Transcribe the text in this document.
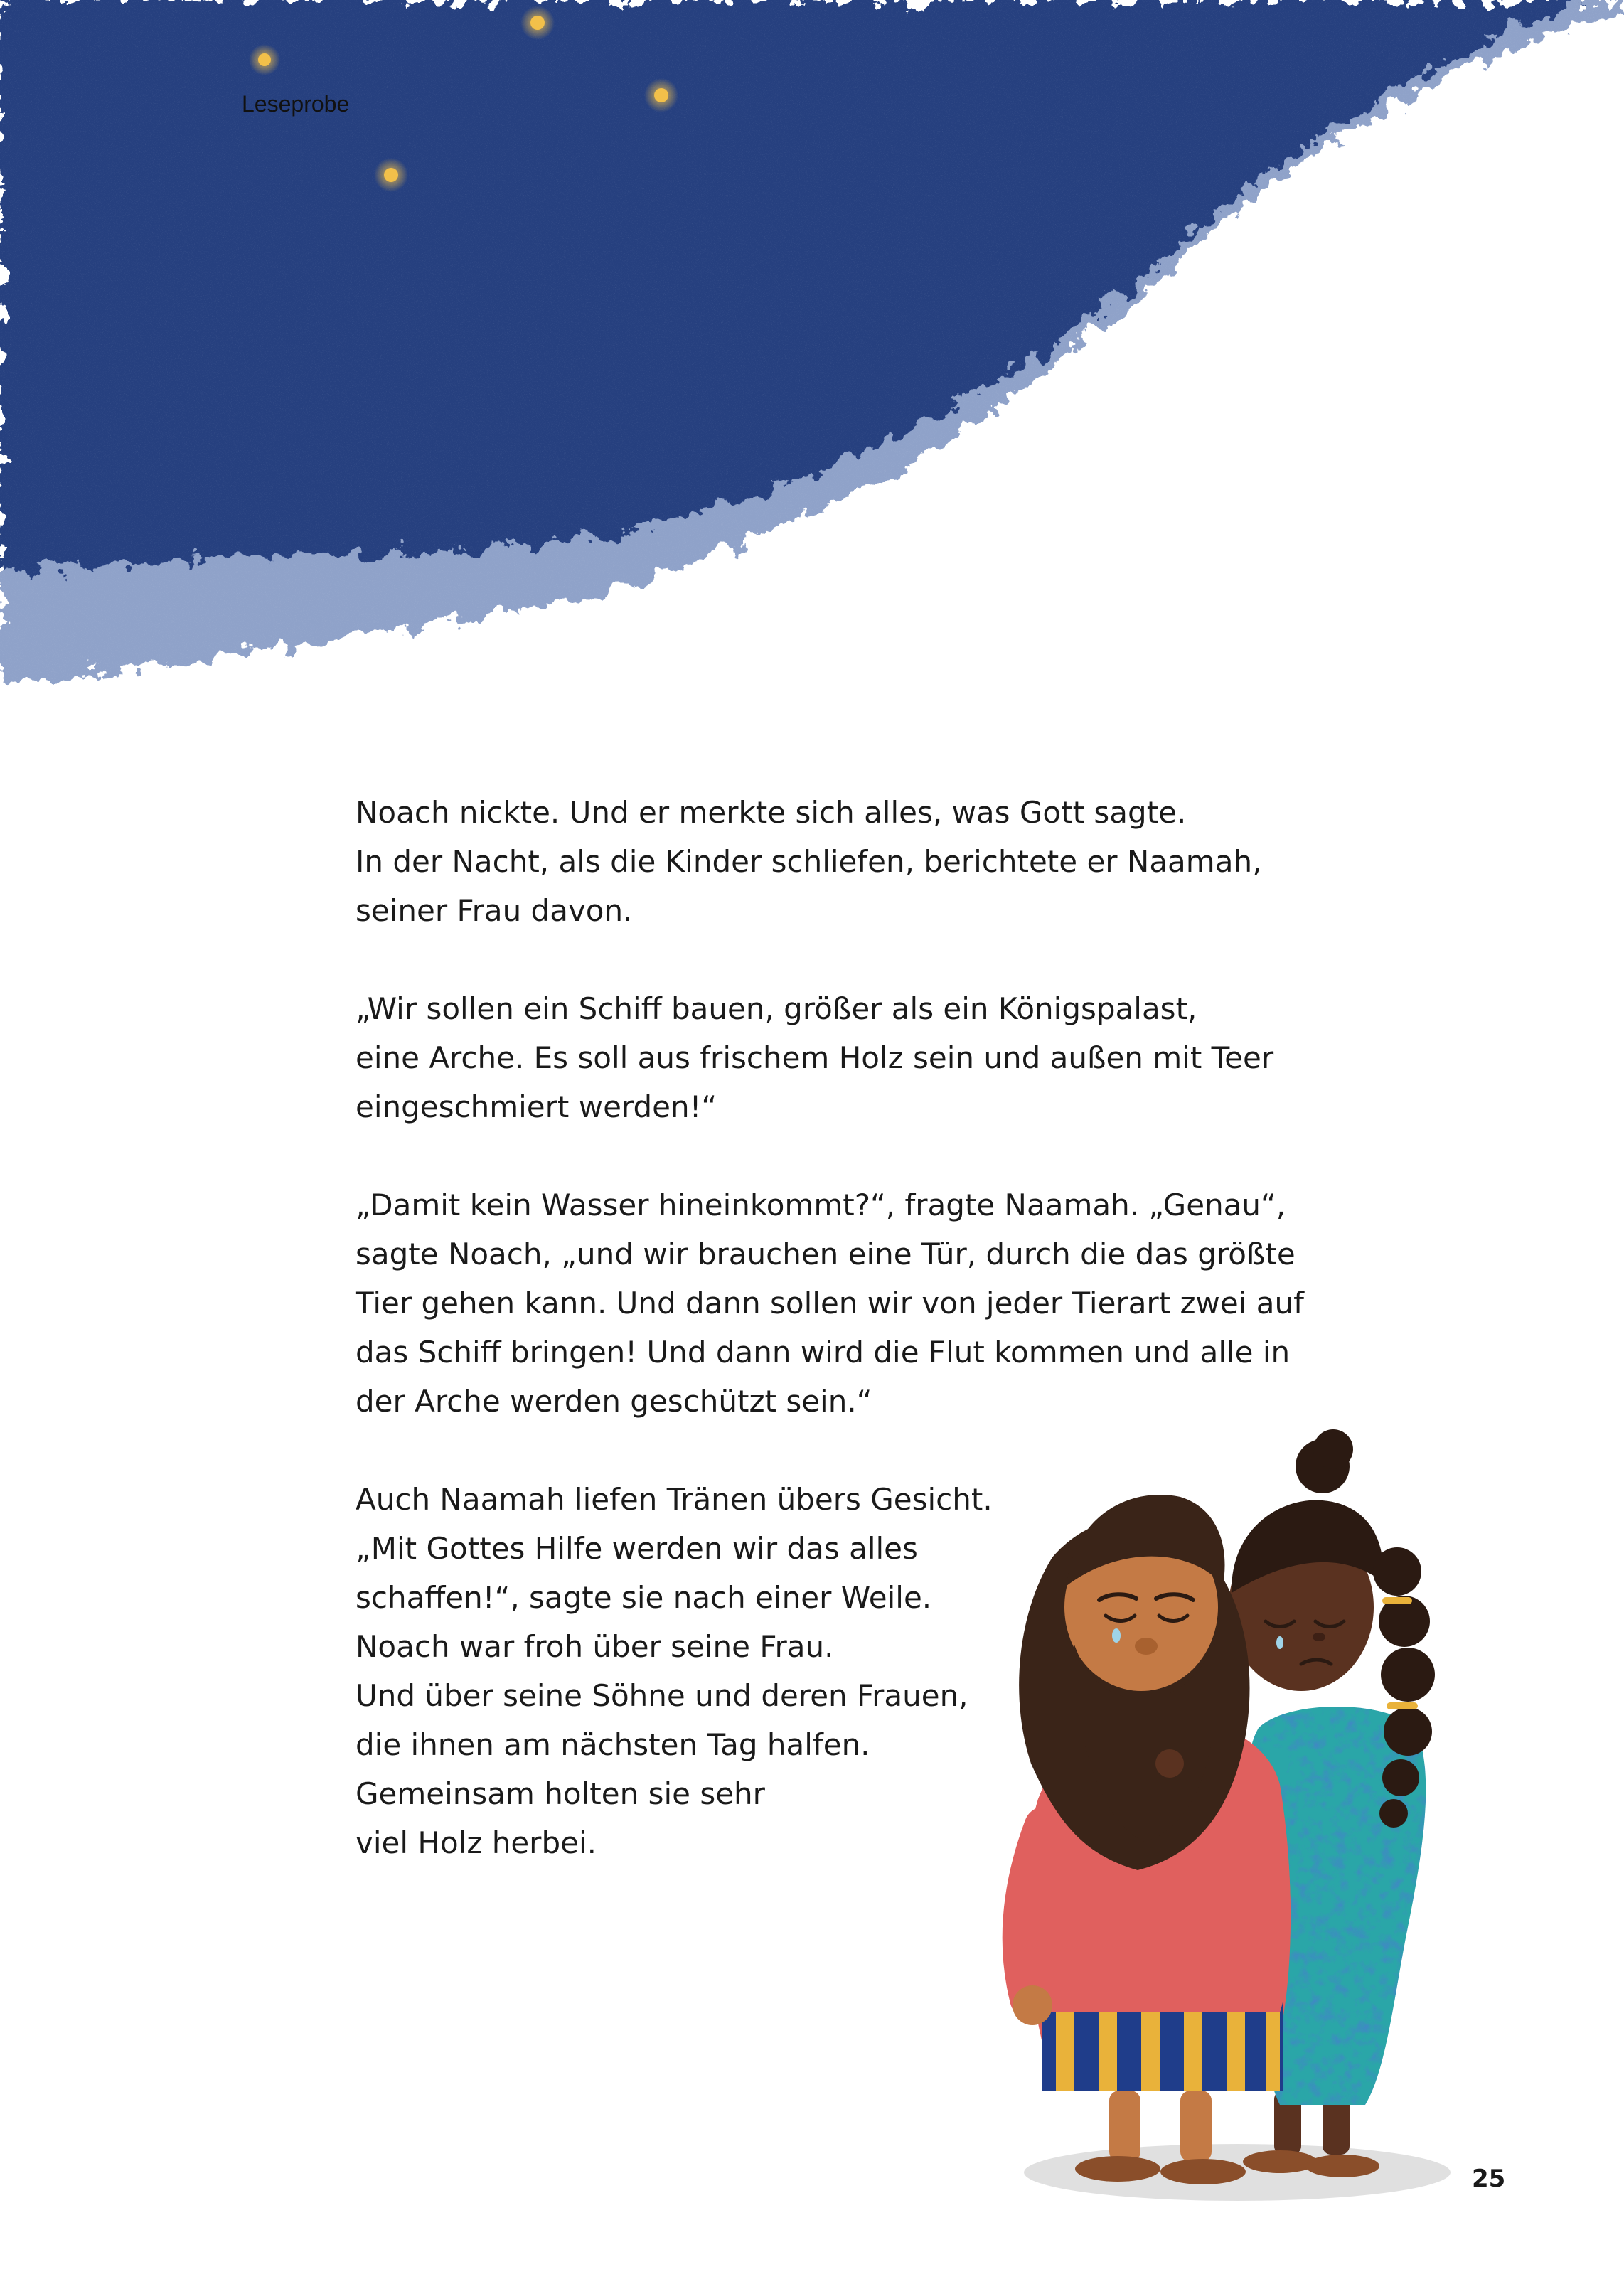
Leseprobe

Noach nickte. Und er merkte sich alles, was Gott sagte.
In der Nacht, als die Kinder schliefen, berichtete er Naamah,
seiner Frau davon.

„Wir sollen ein Schiff bauen, größer als ein Königspalast,
eine Arche. Es soll aus frischem Holz sein und außen mit Teer
eingeschmiert werden!“

„Damit kein Wasser hineinkommt?“, fragte Naamah. „Genau“,
sagte Noach, „und wir brauchen eine Tür, durch die das größte
Tier gehen kann. Und dann sollen wir von jeder Tierart zwei auf
das Schiff bringen! Und dann wird die Flut kommen und alle in
der Arche werden geschützt sein.“

Auch Naamah liefen Tränen übers Gesicht.
„Mit Gottes Hilfe werden wir das alles
schaffen!“, sagte sie nach einer Weile.
Noach war froh über seine Frau.
Und über seine Söhne und deren Frauen,
die ihnen am nächsten Tag halfen.
Gemeinsam holten sie sehr
viel Holz herbei.

25
